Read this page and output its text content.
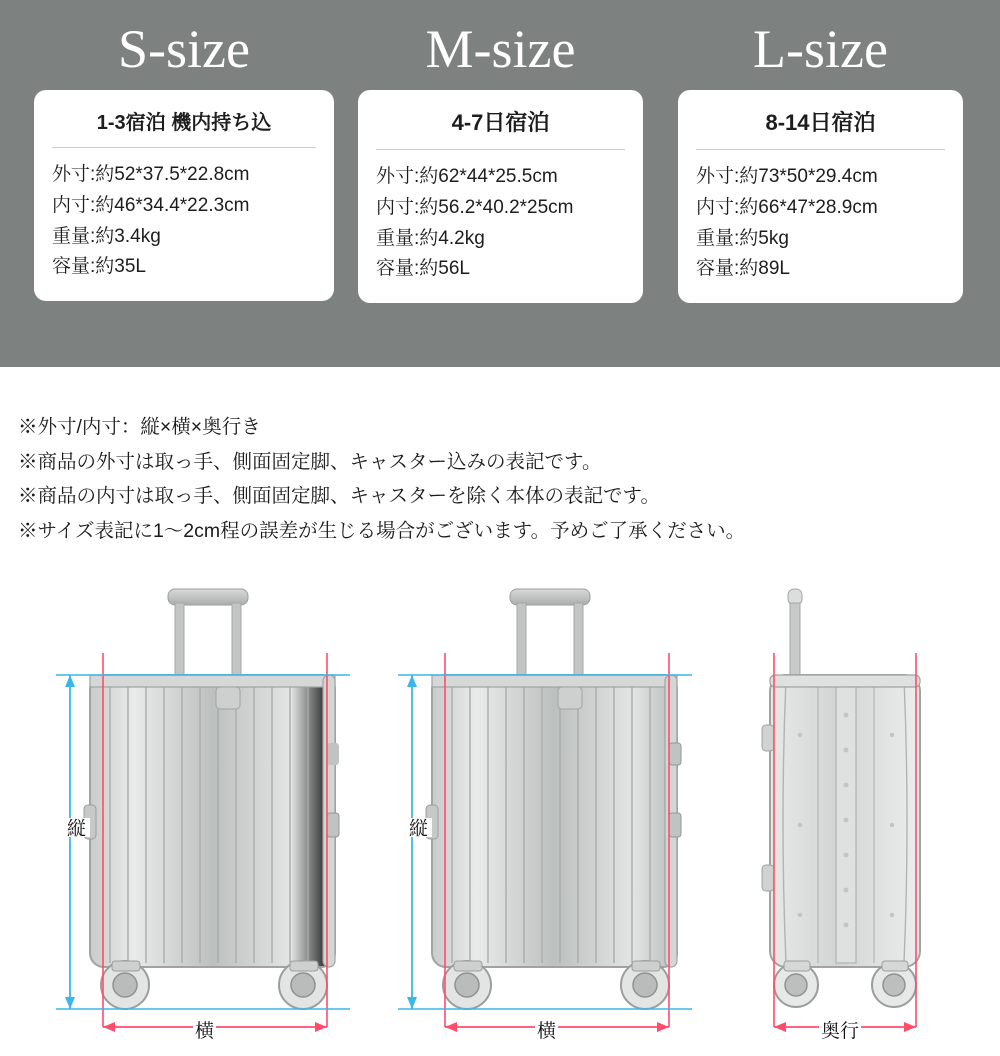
S-size
1-3宿泊 機内持ち込
外寸:約52*37.5*22.8cm
内寸:約46*34.4*22.3cm
重量:約3.4kg
容量:約35L
M-size
4-7日宿泊
外寸:約62*44*25.5cm
内寸:約56.2*40.2*25cm
重量:約4.2kg
容量:約56L
L-size
8-14日宿泊
外寸:約73*50*29.4cm
内寸:約66*47*28.9cm
重量:約5kg
容量:約89L
※外寸/内寸：縦×横×奥行き
※商品の外寸は取っ手、側面固定脚、キャスター込みの表記です。
※商品の内寸は取っ手、側面固定脚、キャスターを除く本体の表記です。
※サイズ表記に1～2cm程の誤差が生じる場合がございます。予めご了承ください。
縦
横
縦
横	奥行
